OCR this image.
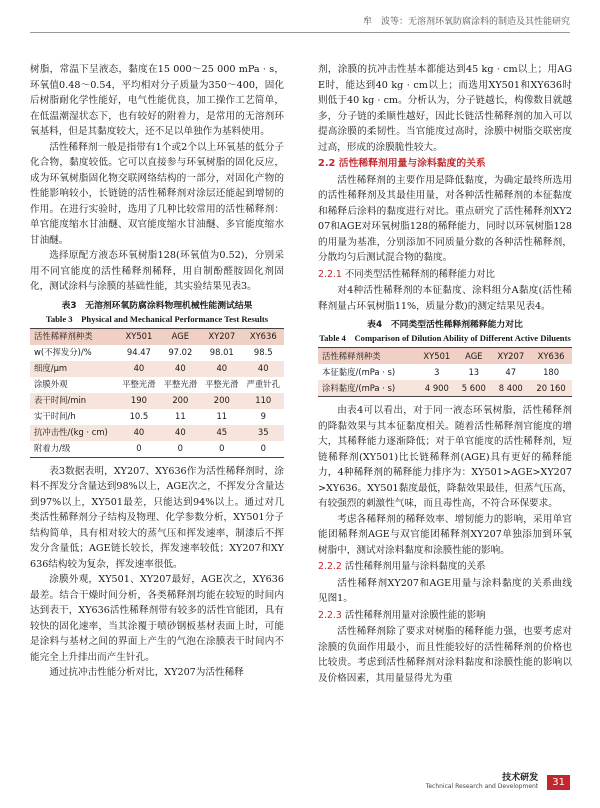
牟　波等：无溶剂环氧防腐涂料的制造及其性能研究

树脂，常温下呈液态，黏度在15 000～25 000 mPa · s，环氧值0.48～0.54，平均相对分子质量为350～400，固化后树脂耐化学性能好，电气性能优良，加工操作工艺简单，在低温潮湿状态下，也有较好的附着力，是常用的无溶剂环氧基料，但是其黏度较大，还不足以单独作为基料使用。

活性稀释剂一般是指带有1个或2个以上环氧基的低分子化合物，黏度较低。它可以直接参与环氧树脂的固化反应，成为环氧树脂固化物交联网络结构的一部分，对固化产物的性能影响较小，长链链的活性稀释剂对涂层还能起到增韧的作用。在进行实验时，选用了几种比较常用的活性稀释剂：单官能度缩水甘油醚、双官能度缩水甘油醚、多官能度缩水甘油醚。

选择原配方液态环氧树脂128(环氧值为0.52)，分别采用不同官能度的活性稀释剂稀释，用自制酚醛胺固化剂固化，测试涂料与涂膜的基础性能，其实验结果见表3。

表3　无溶剂环氧防腐涂料物理机械性能测试结果
Table 3　Physical and Mechanical Performance Test Results
活性稀释剂种类	XY501	AGE	XY207	XY636
w(不挥发分)/%	94.47	97.02	98.01	98.5
细度/μm	40	40	40	40
涂膜外观	平整光滑	平整光滑	平整光滑	严重针孔
表干时间/min	190	200	200	110
实干时间/h	10.5	11	11	9
抗冲击性/(kg · cm)	40	40	45	35
附着力/级	0	0	0	0

表3数据表明，XY207、XY636作为活性稀释剂时，涂料不挥发分含量达到98%以上，AGE次之，不挥发分含量达到97%以上，XY501最差，只能达到94%以上。通过对几类活性稀释剂分子结构及物理、化学参数分析，XY501分子结构简单，具有相对较大的蒸气压和挥发速率，制漆后不挥发分含量低；AGE链长较长，挥发速率较低；XY207和XY636结构较为复杂，挥发速率很低。

涂膜外观，XY501、XY207最好，AGE次之，XY636最差。结合干燥时间分析，各类稀释剂均能在较短的时间内达到表干，XY636活性稀释剂带有较多的活性官能团，具有较快的固化速率，当其涂覆于喷砂钢板基材表面上时，可能是涂料与基材之间的界面上产生的气泡在涂膜表干时间内不能完全上升排出而产生针孔。

通过抗冲击性能分析对比，XY207为活性稀释

剂，涂膜的抗冲击性基本都能达到45 kg · cm以上；用AGE时，能达到40 kg · cm以上；而选用XY501和XY636时则低于40 kg · cm。分析认为，分子链越长，构像数目就越多，分子链的柔顺性越好，因此长链活性稀释剂的加入可以提高涂膜的柔韧性。当官能度过高时，涂膜中树脂交联密度过高，形成的涂膜脆性较大。

2.2 活性稀释剂用量与涂料黏度的关系

活性稀释剂的主要作用是降低黏度，为确定最终所选用的活性稀释剂及其最佳用量，对各种活性稀释剂的本征黏度和稀释后涂料的黏度进行对比。重点研究了活性稀释剂XY207和AGE对环氧树脂128的稀释能力，同时以环氧树脂128的用量为基准，分别添加不同质量分数的各种活性稀释剂，分散均匀后测试混合物的黏度。

2.2.1 不同类型活性稀释剂的稀释能力对比

对4种活性稀释剂的本征黏度、涂料组分A黏度(活性稀释剂量占环氧树脂11%，质量分数)的测定结果见表4。

表4　不同类型活性稀释剂稀释能力对比
Table 4　Comparison of Dilution Ability of Different Active Diluents
活性稀释剂种类	XY501	AGE	XY207	XY636
本征黏度/(mPa · s)	3	13	47	180
涂料黏度/(mPa · s)	4 900	5 600	8 400	20 160

由表4可以看出，对于同一液态环氧树脂，活性稀释剂的降黏效果与其本征黏度相关。随着活性稀释剂官能度的增大，其稀释能力逐渐降低；对于单官能度的活性稀释剂，短链稀释剂(XY501)比长链稀释剂(AGE)具有更好的稀释能力，4种稀释剂的稀释能力排序为：XY501>AGE>XY207>XY636。XY501黏度最低，降黏效果最佳，但蒸气压高，有较强烈的刺激性气味，而且毒性高，不符合环保要求。

考虑各稀释剂的稀释效率、增韧能力的影响，采用单官能团稀释剂AGE与双官能团稀释剂XY207单独添加到环氧树脂中，测试对涂料黏度和涂膜性能的影响。

2.2.2 活性稀释剂用量与涂料黏度的关系

活性稀释剂XY207和AGE用量与涂料黏度的关系曲线见图1。

2.2.3 活性稀释剂用量对涂膜性能的影响

活性稀释剂除了要求对树脂的稀释能力强，也要考虑对涂膜的负面作用最小，而且性能较好的活性稀释剂的价格也比较贵。考虑到活性稀释剂对涂料黏度和涂膜性能的影响以及价格因素，其用量显得尤为重

技术研发
Technical Research and Development 31
